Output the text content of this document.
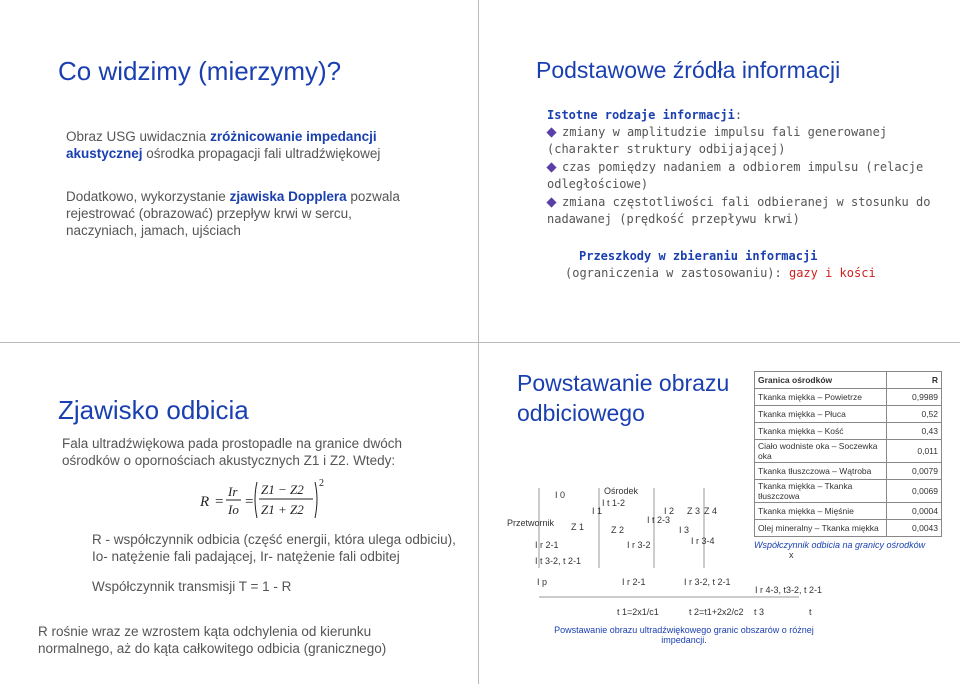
Co widzimy (mierzymy)?
Obraz USG uwidacznia zróżnicowanie impedancji akustycznej ośrodka propagacji fali ultradźwiękowej
Dodatkowo, wykorzystanie zjawiska Dopplera pozwala rejestrować (obrazować) przepływ krwi w sercu, naczyniach, jamach, ujściach
Podstawowe źródła informacji
Istotne rodzaje informacji:
zmiany w amplitudzie impulsu fali generowanej (charakter struktury odbijającej)
czas pomiędzy nadaniem a odbiorem impulsu (relacje odległościowe)
zmiana częstotliwości fali odbieranej w stosunku do nadawanej (prędkość przepływu krwi)
Przeszkody w zbieraniu informacji
(ograniczenia w zastosowaniu): gazy i kości
Zjawisko odbicia
Fala ultradźwiękowa pada prostopadle na granice dwóch ośrodków o opornościach akustycznych Z1 i Z2. Wtedy:
R =
Ir
Io =
Z1 − Z2
Z1 + Z2
2
R - współczynnik odbicia (część energii, która ulega odbiciu), Io- natężenie fali padającej, Ir- natężenie fali odbitej
Współczynnik transmisji T = 1 - R
R rośnie wraz ze wzrostem kąta odchylenia od kierunku normalnego, aż do kąta całkowitego odbicia (granicznego)
Powstawanie obrazu odbiciowego
Granica ośrodków	R
Tkanka miękka – Powietrze	0,9989
Tkanka miękka – Płuca	0,52
Tkanka miękka – Kość	0,43
Ciało wodniste oka – Soczewka oka	0,011
Tkanka tłuszczowa – Wątroba	0,0079
Tkanka miękka – Tkanka tłuszczowa	0,0069
Tkanka miękka – Mięśnie	0,0004
Olej mineralny – Tkanka miękka	0,0043
Współczynnik odbicia na granicy ośrodków
Przetwornik
Ośrodek
I 0
I 1	I 2
I 3
Z 1	Z 2
Z 3 Z 4
I t 1-2
I t 2-3
I r 2-1	I r 3-2	I r 3-4
I t 3-2, t 2-1
x
I p	I r 2-1	I r 3-2, t 2-1
I r 4-3, t3-2, t 2-1
t 1=2x1/c1	t 2=t1+2x2/c2 t 3	t
Powstawanie obrazu ultradźwiękowego granic obszarów o różnej impedancji.
